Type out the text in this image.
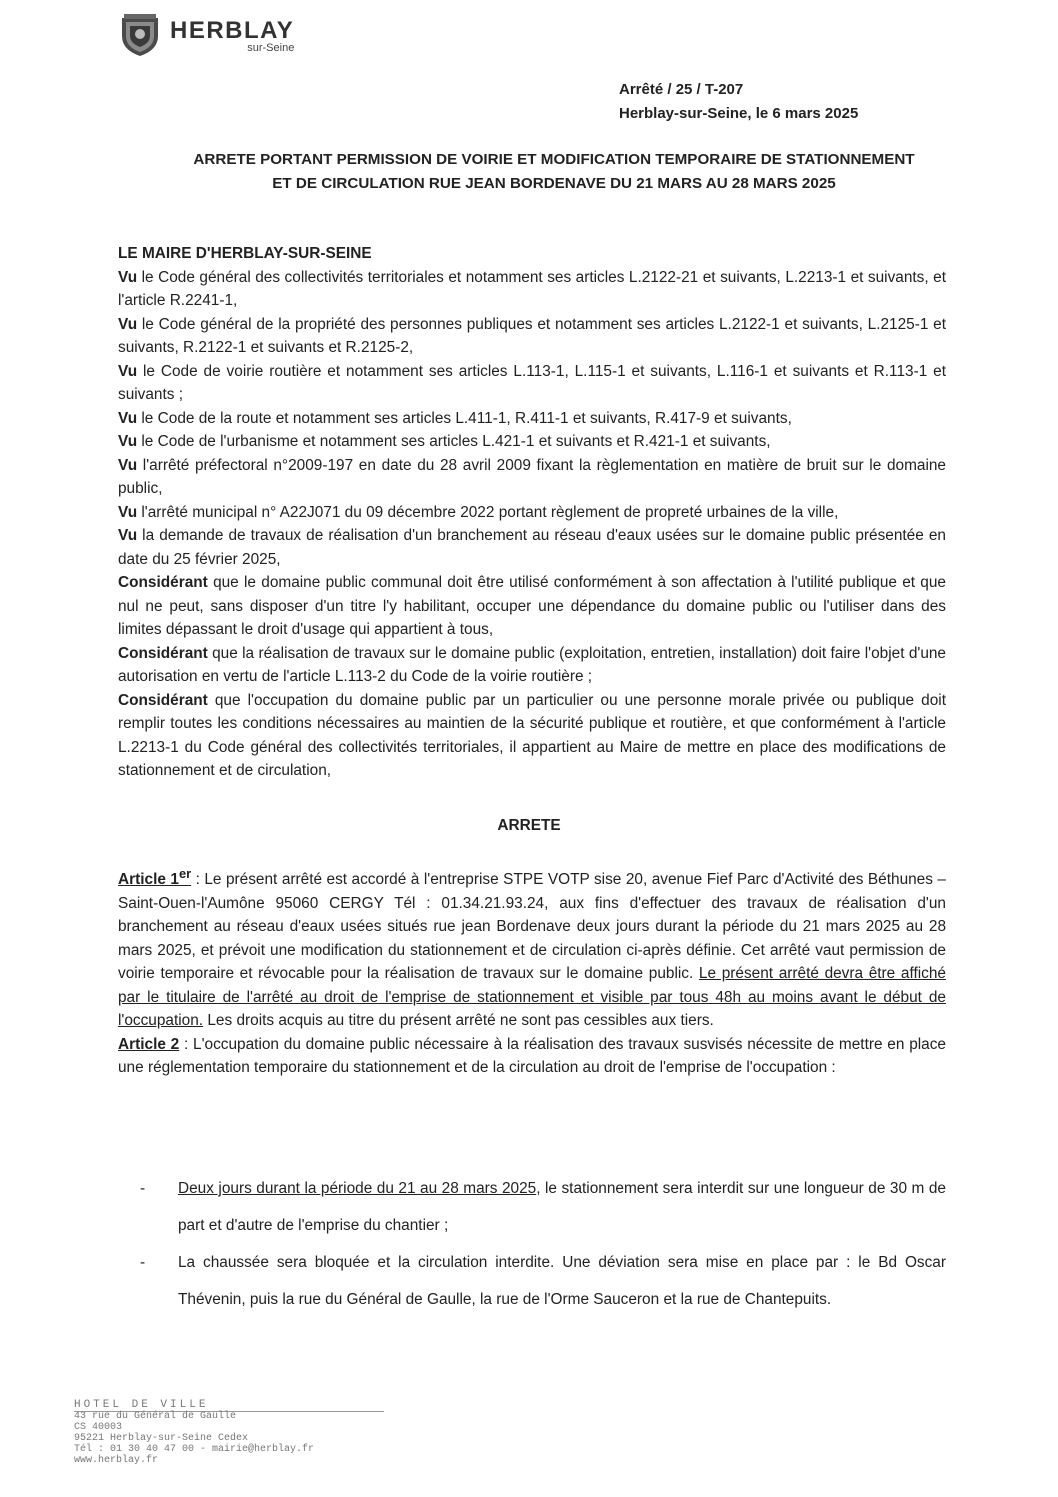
HERBLAY
sur-Seine
Arrêté / 25 / T-207
Herblay-sur-Seine, le 6 mars 2025
ARRETE PORTANT PERMISSION DE VOIRIE ET MODIFICATION TEMPORAIRE DE STATIONNEMENT
ET DE CIRCULATION RUE JEAN BORDENAVE DU 21 MARS AU 28 MARS 2025

LE MAIRE D'HERBLAY-SUR-SEINE

Vu le Code général des collectivités territoriales et notamment ses articles L.2122-21 et suivants, L.2213-1 et suivants, et l'article R.2241-1,

Vu le Code général de la propriété des personnes publiques et notamment ses articles L.2122-1 et suivants, L.2125-1 et suivants, R.2122-1 et suivants et R.2125-2,

Vu le Code de voirie routière et notamment ses articles L.113-1, L.115-1 et suivants, L.116-1 et suivants et R.113-1 et suivants ;

Vu le Code de la route et notamment ses articles L.411-1, R.411-1 et suivants, R.417-9 et suivants,

Vu le Code de l'urbanisme et notamment ses articles L.421-1 et suivants et R.421-1 et suivants,

Vu l'arrêté préfectoral n°2009-197 en date du 28 avril 2009 fixant la règlementation en matière de bruit sur le domaine public,

Vu l'arrêté municipal n° A22J071 du 09 décembre 2022 portant règlement de propreté urbaines de la ville,

Vu la demande de travaux de réalisation d'un branchement au réseau d'eaux usées sur le domaine public présentée en date du 25 février 2025,

Considérant que le domaine public communal doit être utilisé conformément à son affectation à l'utilité publique et que nul ne peut, sans disposer d'un titre l'y habilitant, occuper une dépendance du domaine public ou l'utiliser dans des limites dépassant le droit d'usage qui appartient à tous,

Considérant que la réalisation de travaux sur le domaine public (exploitation, entretien, installation) doit faire l'objet d'une autorisation en vertu de l'article L.113-2 du Code de la voirie routière ;

Considérant que l'occupation du domaine public par un particulier ou une personne morale privée ou publique doit remplir toutes les conditions nécessaires au maintien de la sécurité publique et routière, et que conformément à l'article L.2213-1 du Code général des collectivités territoriales, il appartient au Maire de mettre en place des modifications de stationnement et de circulation,

ARRETE

Article 1er : Le présent arrêté est accordé à l'entreprise STPE VOTP sise 20, avenue Fief Parc d'Activité des Béthunes – Saint-Ouen-l'Aumône 95060 CERGY Tél : 01.34.21.93.24, aux fins d'effectuer des travaux de réalisation d'un branchement au réseau d'eaux usées situés rue jean Bordenave deux jours durant la période du 21 mars 2025 au 28 mars 2025, et prévoit une modification du stationnement et de circulation ci-après définie. Cet arrêté vaut permission de voirie temporaire et révocable pour la réalisation de travaux sur le domaine public. Le présent arrêté devra être affiché par le titulaire de l'arrêté au droit de l'emprise de stationnement et visible par tous 48h au moins avant le début de l'occupation. Les droits acquis au titre du présent arrêté ne sont pas cessibles aux tiers.

Article 2 : L'occupation du domaine public nécessaire à la réalisation des travaux susvisés nécessite de mettre en place une réglementation temporaire du stationnement et de la circulation au droit de l'emprise de l'occupation :

-	Deux jours durant la période du 21 au 28 mars 2025, le stationnement sera interdit sur une longueur de 30 m de part et d'autre de l'emprise du chantier ;
-	La chaussée sera bloquée et la circulation interdite. Une déviation sera mise en place par : le Bd Oscar Thévenin, puis la rue du Général de Gaulle, la rue de l'Orme Sauceron et la rue de Chantepuits.
HOTEL DE VILLE
43 rue du Général de Gaulle
CS 40003
95221 Herblay-sur-Seine Cedex
Tél : 01 30 40 47 00 - mairie@herblay.fr
www.herblay.fr
